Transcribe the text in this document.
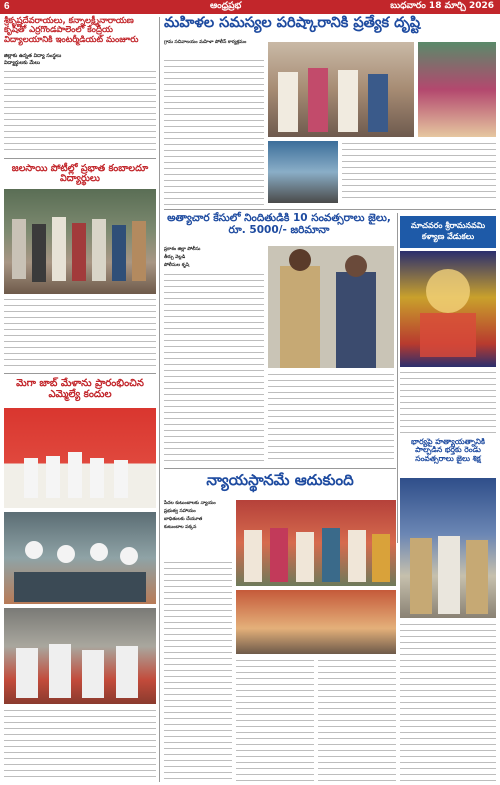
6	ఆంధ్రప్రభ	బుధవారం 18 మార్చి 2026
శ్రీకృష్ణదేవరాయలు, కన్నాలక్ష్మీనారాయణ కృషితో ఎర్రగొండపాలెంలో కేంద్రీయ విద్యాలయానికి ఇంటర్మీడియట్ మంజూరు
జిల్లాకు ఉన్నత విద్యా సంస్థలు
విద్యార్థులకు మేలు
జలసాయి పోటీల్లో ప్రభాత కంబాలదూ విద్యార్థులు
మెగా జాబ్ మేళాను ప్రారంభించిన ఎమ్మెల్యే కందుల
మహిళల సమస్యల పరిష్కారానికి ప్రత్యేక దృష్టి
గ్రామ సచివాలయం మహిళా పోలీస్ కార్యక్రమం
అత్యాచార కేసులో నిందితుడికి 10 సంవత్సరాలు జైలు, రూ. 5000/- జరిమానా
ప్రకాశం జిల్లా పోలీసు
తీర్పు వెల్లడి
పోలీసుల కృషి
మాచవరం శ్రీరామనవమి కళ్యాణ వేడుకలు
భార్యపై హత్యాయత్నానికి పాల్పడిన భర్తకు రెండు సంవత్సరాలు జైలు శిక్ష
న్యాయస్థానమే ఆదుకుంది
పేదల కుటుంబాలకు న్యాయం
ప్రభుత్వ సహాయం
బాధితులకు చేయూత
కుటుంబాల పక్కన
